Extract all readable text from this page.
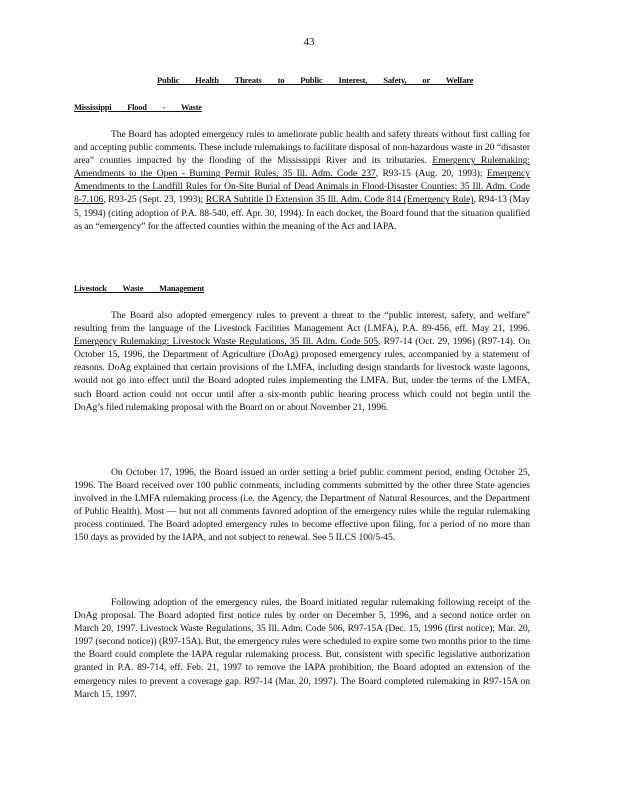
43
Public Health Threats to Public Interest, Safety, or Welfare
Mississippi Flood - Waste
The Board has adopted emergency rules to ameliorate public health and safety threats without first calling for and accepting public comments. These include rulemakings to facilitate disposal of non-hazardous waste in 20 “disaster area” counties impacted by the flooding of the Mississippi River and its tributaries. Emergency Rulemaking: Amendments to the Open - Burning Permit Rules, 35 Ill. Adm. Code 237, R93-15 (Aug. 20, 1993); Emergency Amendments to the Landfill Rules for On-Site Burial of Dead Animals in Flood-Disaster Counties: 35 Ill. Adm. Code 8-7.106, R93-25 (Sept. 23, 1993); RCRA Subtitle D Extension 35 Ill. Adm. Code 814 (Emergency Rule), R94-13 (May 5, 1994) (citing adoption of P.A. 88-540, eff. Apr. 30, 1994). In each docket, the Board found that the situation qualified as an “emergency” for the affected counties within the meaning of the Act and IAPA.
Livestock Waste Management
The Board also adopted emergency rules to prevent a threat to the “public interest, safety, and welfare” resulting from the language of the Livestock Facilities Management Act (LMFA), P.A. 89-456, eff. May 21, 1996. Emergency Rulemaking: Livestock Waste Regulations, 35 Ill. Adm. Code 505, R97-14 (Oct. 29, 1996) (R97-14). On October 15, 1996, the Department of Agriculture (DoAg) proposed emergency rules, accompanied by a statement of reasons. DoAg explained that certain provisions of the LMFA, including design standards for livestock waste lagoons, would not go into effect until the Board adopted rules implementing the LMFA. But, under the terms of the LMFA, such Board action could not occur until after a six-month public hearing process which could not begin until the DoAg’s filed rulemaking proposal with the Board on or about November 21, 1996.
On October 17, 1996, the Board issued an order setting a brief public comment period, ending October 25, 1996. The Board received over 100 public comments, including comments submitted by the other three State agencies involved in the LMFA rulemaking process (i.e. the Agency, the Department of Natural Resources, and the Department of Public Health). Most — but not all comments favored adoption of the emergency rules while the regular rulemaking process continued. The Board adopted emergency rules to become effective upon filing, for a period of no more than 150 days as provided by the IAPA, and not subject to renewal. See 5 ILCS 100/5-45.
Following adoption of the emergency rules, the Board initiated regular rulemaking following receipt of the DoAg proposal. The Board adopted first notice rules by order on December 5, 1996, and a second notice order on March 20, 1997. Livestock Waste Regulations, 35 Ill. Adm. Code 506, R97-15A (Dec. 15, 1996 (first notice); Mar. 20, 1997 (second notice)) (R97-15A). But, the emergency rules were scheduled to expire some two months prior to the time the Board could complete the IAPA regular rulemaking process. But, consistent with specific legislative authorization granted in P.A. 89-714, eff. Feb. 21, 1997 to remove the IAPA prohibition, the Board adopted an extension of the emergency rules to prevent a coverage gap. R97-14 (Mar. 20, 1997). The Board completed rulemaking in R97-15A on March 15, 1997.
